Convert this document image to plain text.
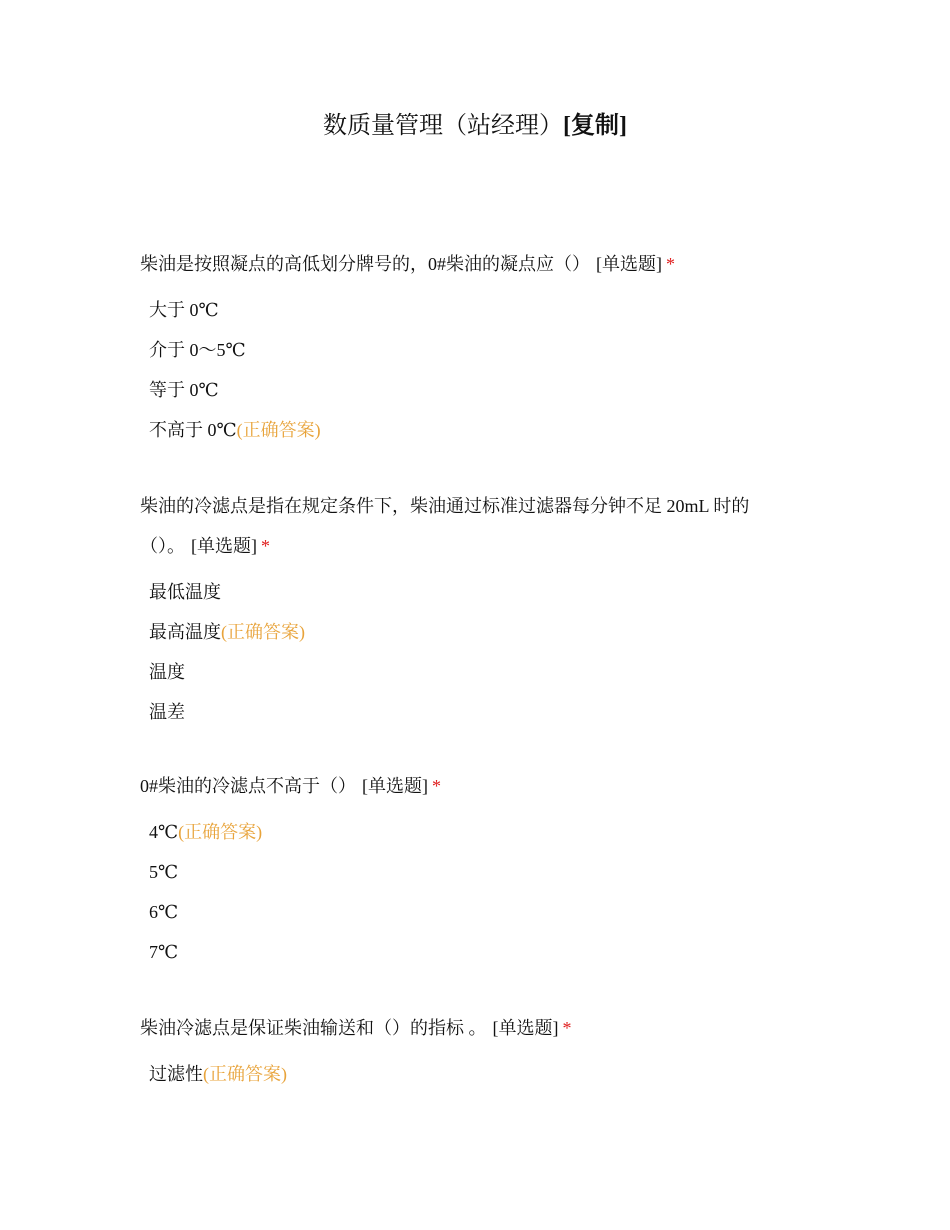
数质量管理（站经理）[复制]

柴油是按照凝点的高低划分牌号的，0#柴油的凝点应（） [单选题] *

大于 0℃
介于 0～5℃
等于 0℃
不高于 0℃(正确答案)

柴油的冷滤点是指在规定条件下，柴油通过标准过滤器每分钟不足 20mL 时的（）。 [单选题] *

最低温度
最高温度(正确答案)
温度
温差

0#柴油的冷滤点不高于（） [单选题] *

4℃(正确答案)
5℃
6℃
7℃

柴油冷滤点是保证柴油输送和（）的指标 。 [单选题] *

过滤性(正确答案)
